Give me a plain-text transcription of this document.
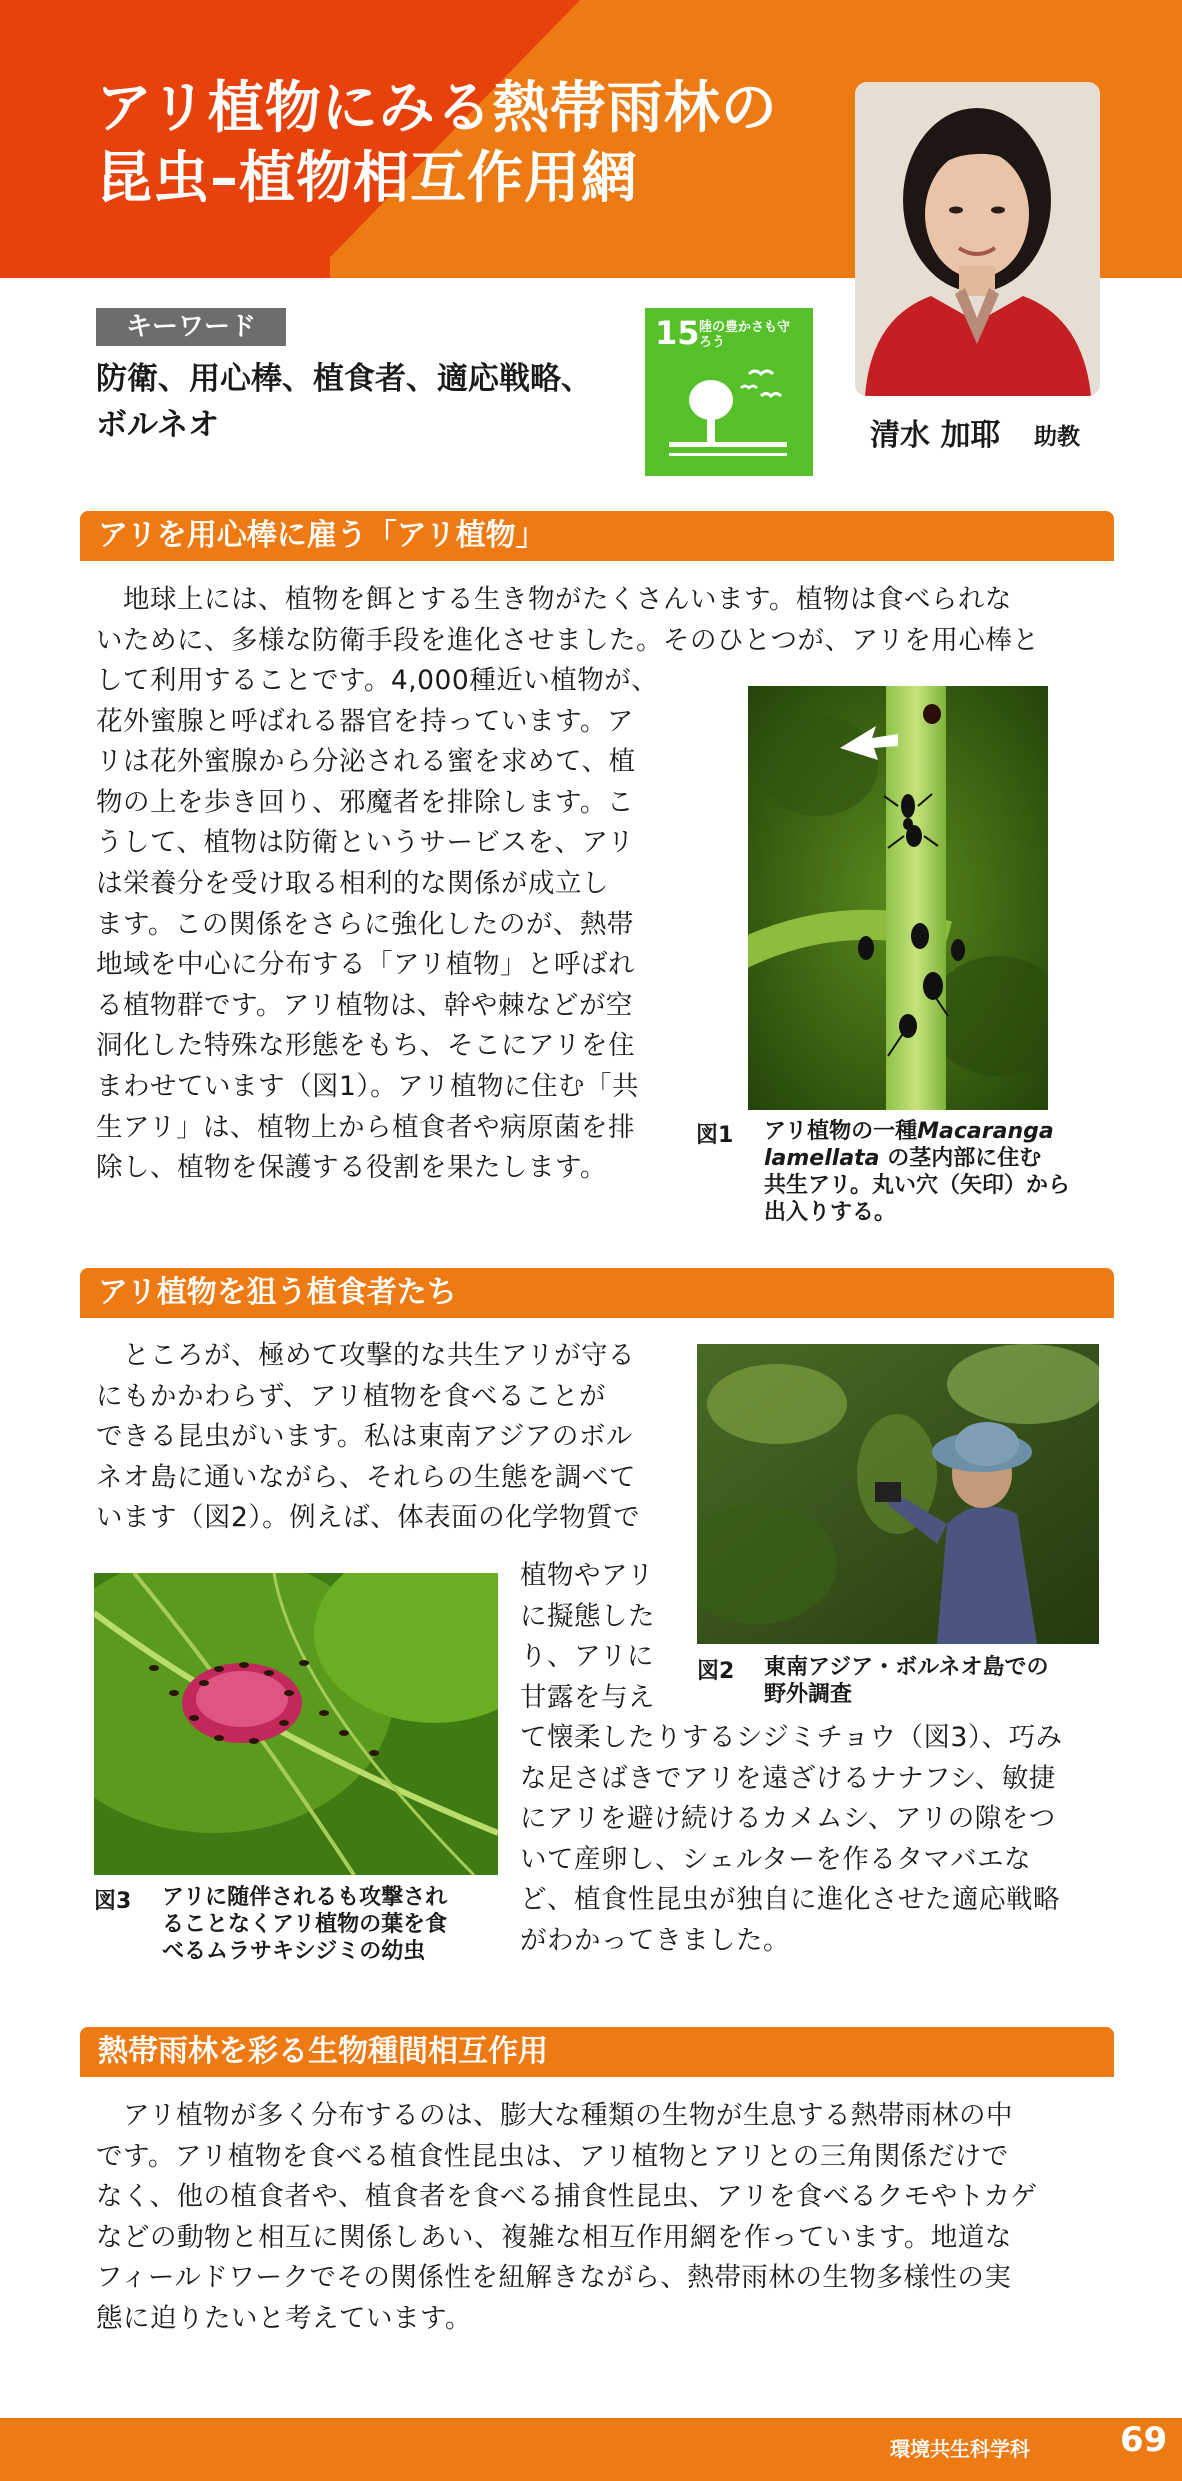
アリ植物にみる熱帯雨林の
昆虫–植物相互作用網
キーワード
防衛、用心棒、植食者、適応戦略、
ボルネオ
15 陸の豊かさも守ろう
清水 加耶 助教
アリを用心棒に雇う「アリ植物」

　地球上には、植物を餌とする生き物がたくさんいます。植物は食べられな

いために、多様な防衛手段を進化させました。そのひとつが、アリを用心棒と

して利用することです。4,000種近い植物が、

花外蜜腺と呼ばれる器官を持っています。ア

リは花外蜜腺から分泌される蜜を求めて、植

物の上を歩き回り、邪魔者を排除します。こ

うして、植物は防衛というサービスを、アリ

は栄養分を受け取る相利的な関係が成立し

ます。この関係をさらに強化したのが、熱帯

地域を中心に分布する「アリ植物」と呼ばれ

る植物群です。アリ植物は、幹や棘などが空

洞化した特殊な形態をもち、そこにアリを住

まわせています（図1）。アリ植物に住む「共

生アリ」は、植物上から植食者や病原菌を排

除し、植物を保護する役割を果たします。

図1 アリ植物の一種Macaranga
lamellata の茎内部に住む
共生アリ。丸い穴（矢印）から
出入りする。
アリ植物を狙う植食者たち

　ところが、極めて攻撃的な共生アリが守る

にもかかわらず、アリ植物を食べることが

できる昆虫がいます。私は東南アジアのボル

ネオ島に通いながら、それらの生態を調べて

います（図2）。例えば、体表面の化学物質で

図2 東南アジア・ボルネオ島での
野外調査
図3 アリに随伴されるも攻撃され
ることなくアリ植物の葉を食
べるムラサキシジミの幼虫

植物やアリ

に擬態した

り、アリに

甘露を与え

て懐柔したりするシジミチョウ（図3）、巧み

な足さばきでアリを遠ざけるナナフシ、敏捷

にアリを避け続けるカメムシ、アリの隙をつ

いて産卵し、シェルターを作るタマバエな

ど、植食性昆虫が独自に進化させた適応戦略

がわかってきました。

熱帯雨林を彩る生物種間相互作用

　アリ植物が多く分布するのは、膨大な種類の生物が生息する熱帯雨林の中

です。アリ植物を食べる植食性昆虫は、アリ植物とアリとの三角関係だけで

なく、他の植食者や、植食者を食べる捕食性昆虫、アリを食べるクモやトカゲ

などの動物と相互に関係しあい、複雑な相互作用網を作っています。地道な

フィールドワークでその関係性を紐解きながら、熱帯雨林の生物多様性の実

態に迫りたいと考えています。

環境共生科学科	69
